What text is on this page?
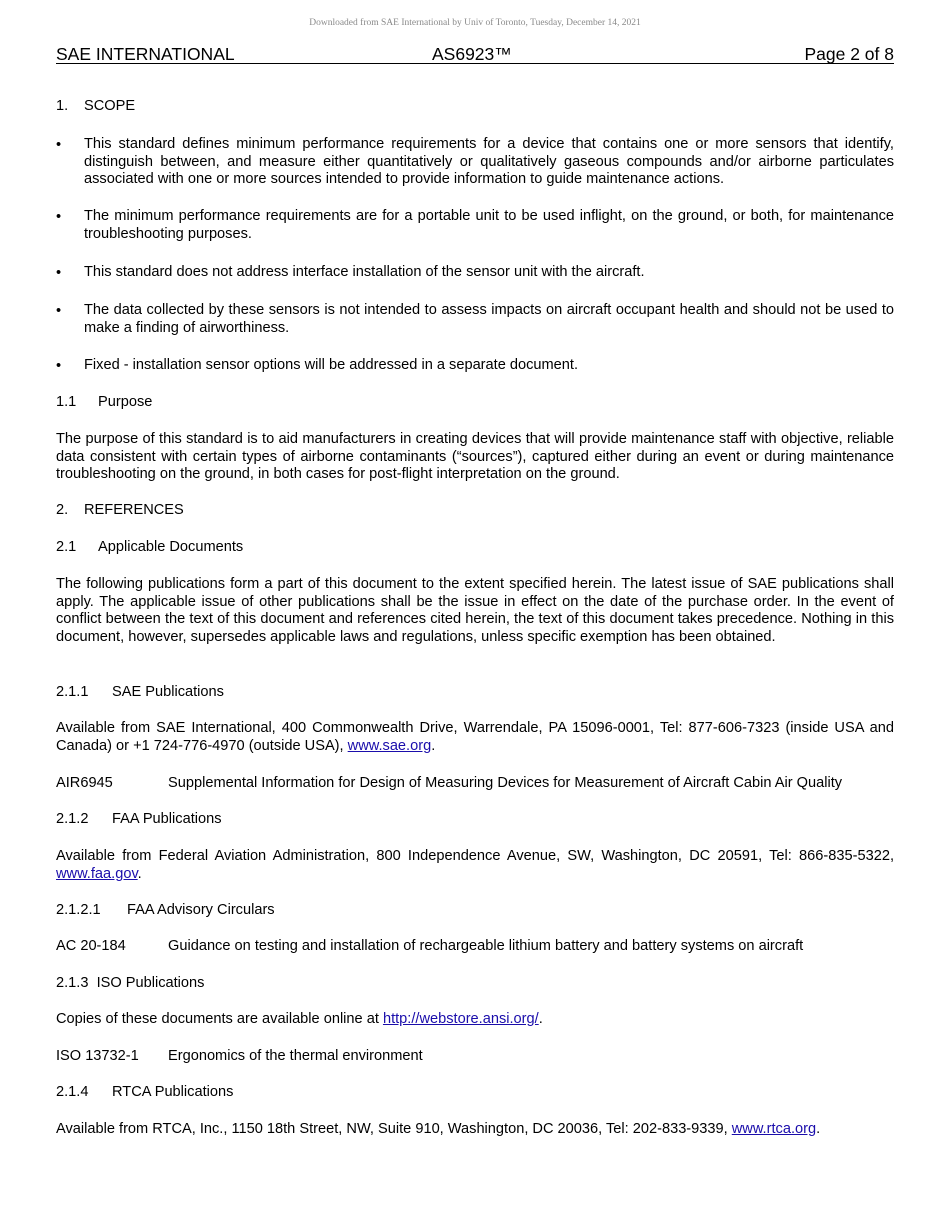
Downloaded from SAE International by Univ of Toronto, Tuesday, December 14, 2021
SAE INTERNATIONAL	AS6923™	Page 2 of 8
1. SCOPE
• This standard defines minimum performance requirements for a device that contains one or more sensors that identify, distinguish between, and measure either quantitatively or qualitatively gaseous compounds and/or airborne particulates associated with one or more sources intended to provide information to guide maintenance actions.
• The minimum performance requirements are for a portable unit to be used inflight, on the ground, or both, for maintenance troubleshooting purposes.
• This standard does not address interface installation of the sensor unit with the aircraft.
• The data collected by these sensors is not intended to assess impacts on aircraft occupant health and should not be used to make a finding of airworthiness.
• Fixed - installation sensor options will be addressed in a separate document.
1.1 Purpose
The purpose of this standard is to aid manufacturers in creating devices that will provide maintenance staff with objective, reliable data consistent with certain types of airborne contaminants (“sources”), captured either during an event or during maintenance troubleshooting on the ground, in both cases for post-flight interpretation on the ground.
2. REFERENCES
2.1 Applicable Documents
The following publications form a part of this document to the extent specified herein. The latest issue of SAE publications shall apply. The applicable issue of other publications shall be the issue in effect on the date of the purchase order. In the event of conflict between the text of this document and references cited herein, the text of this document takes precedence. Nothing in this document, however, supersedes applicable laws and regulations, unless specific exemption has been obtained.
2.1.1 SAE Publications
Available from SAE International, 400 Commonwealth Drive, Warrendale, PA 15096-0001, Tel: 877-606-7323 (inside USA and Canada) or +1 724-776-4970 (outside USA), www.sae.org.
AIR6945	Supplemental Information for Design of Measuring Devices for Measurement of Aircraft Cabin Air Quality
2.1.2 FAA Publications
Available from Federal Aviation Administration, 800 Independence Avenue, SW, Washington, DC 20591, Tel: 866-835-5322, www.faa.gov.
2.1.2.1 FAA Advisory Circulars
AC 20-184	Guidance on testing and installation of rechargeable lithium battery and battery systems on aircraft
2.1.3  ISO Publications
Copies of these documents are available online at http://webstore.ansi.org/.
ISO 13732-1 Ergonomics of the thermal environment
2.1.4 RTCA Publications
Available from RTCA, Inc., 1150 18th Street, NW, Suite 910, Washington, DC 20036, Tel: 202-833-9339, www.rtca.org.
